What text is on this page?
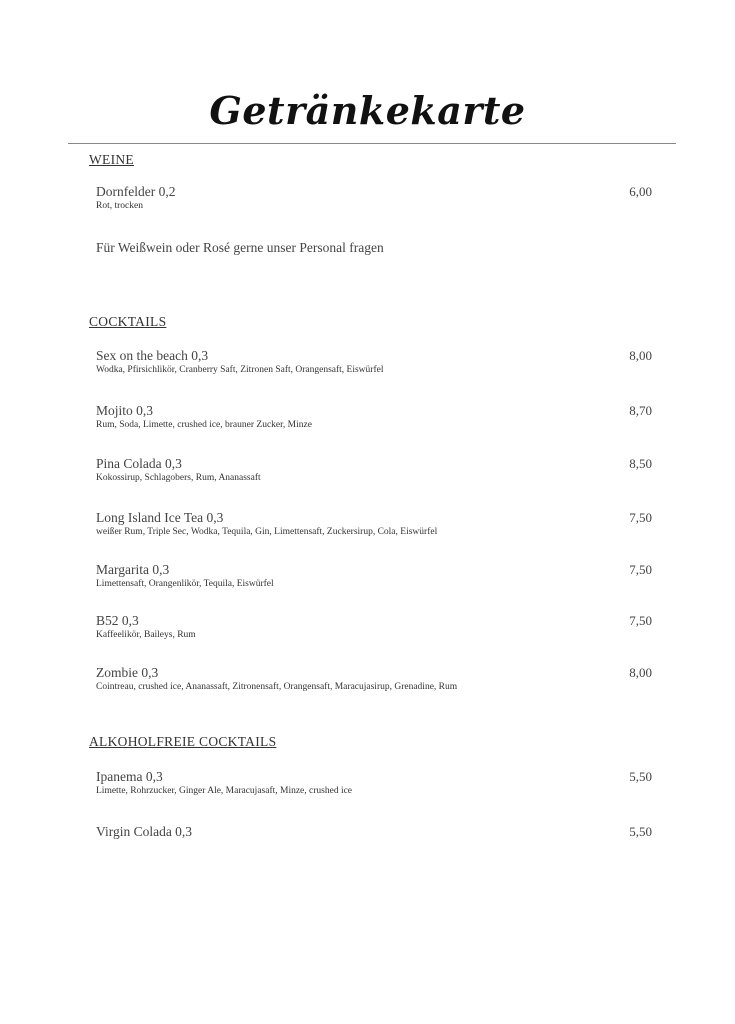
Getränkekarte
WEINE
Dornfelder 0,2
Rot, trocken
6,00
Für Weißwein oder Rosé gerne unser Personal fragen
COCKTAILS
Sex on the beach 0,3
Wodka, Pfirsichlikör, Cranberry Saft, Zitronen Saft, Orangensaft, Eiswürfel
8,00
Mojito 0,3
Rum, Soda, Limette, crushed ice, brauner Zucker, Minze
8,70
Pina Colada 0,3
Kokossirup, Schlagobers, Rum, Ananassaft
8,50
Long Island Ice Tea 0,3
weißer Rum, Triple Sec, Wodka, Tequila, Gin, Limettensaft, Zuckersirup, Cola, Eiswürfel
7,50
Margarita 0,3
Limettensaft, Orangenlikör, Tequila, Eiswürfel
7,50
B52 0,3
Kaffeelikör, Baileys, Rum
7,50
Zombie 0,3
Cointreau, crushed ice, Ananassaft, Zitronensaft, Orangensaft, Maracujasirup, Grenadine, Rum
8,00
ALKOHOLFREIE COCKTAILS
Ipanema 0,3
Limette, Rohrzucker, Ginger Ale, Maracujasaft, Minze, crushed ice
5,50
Virgin Colada 0,3	5,50
